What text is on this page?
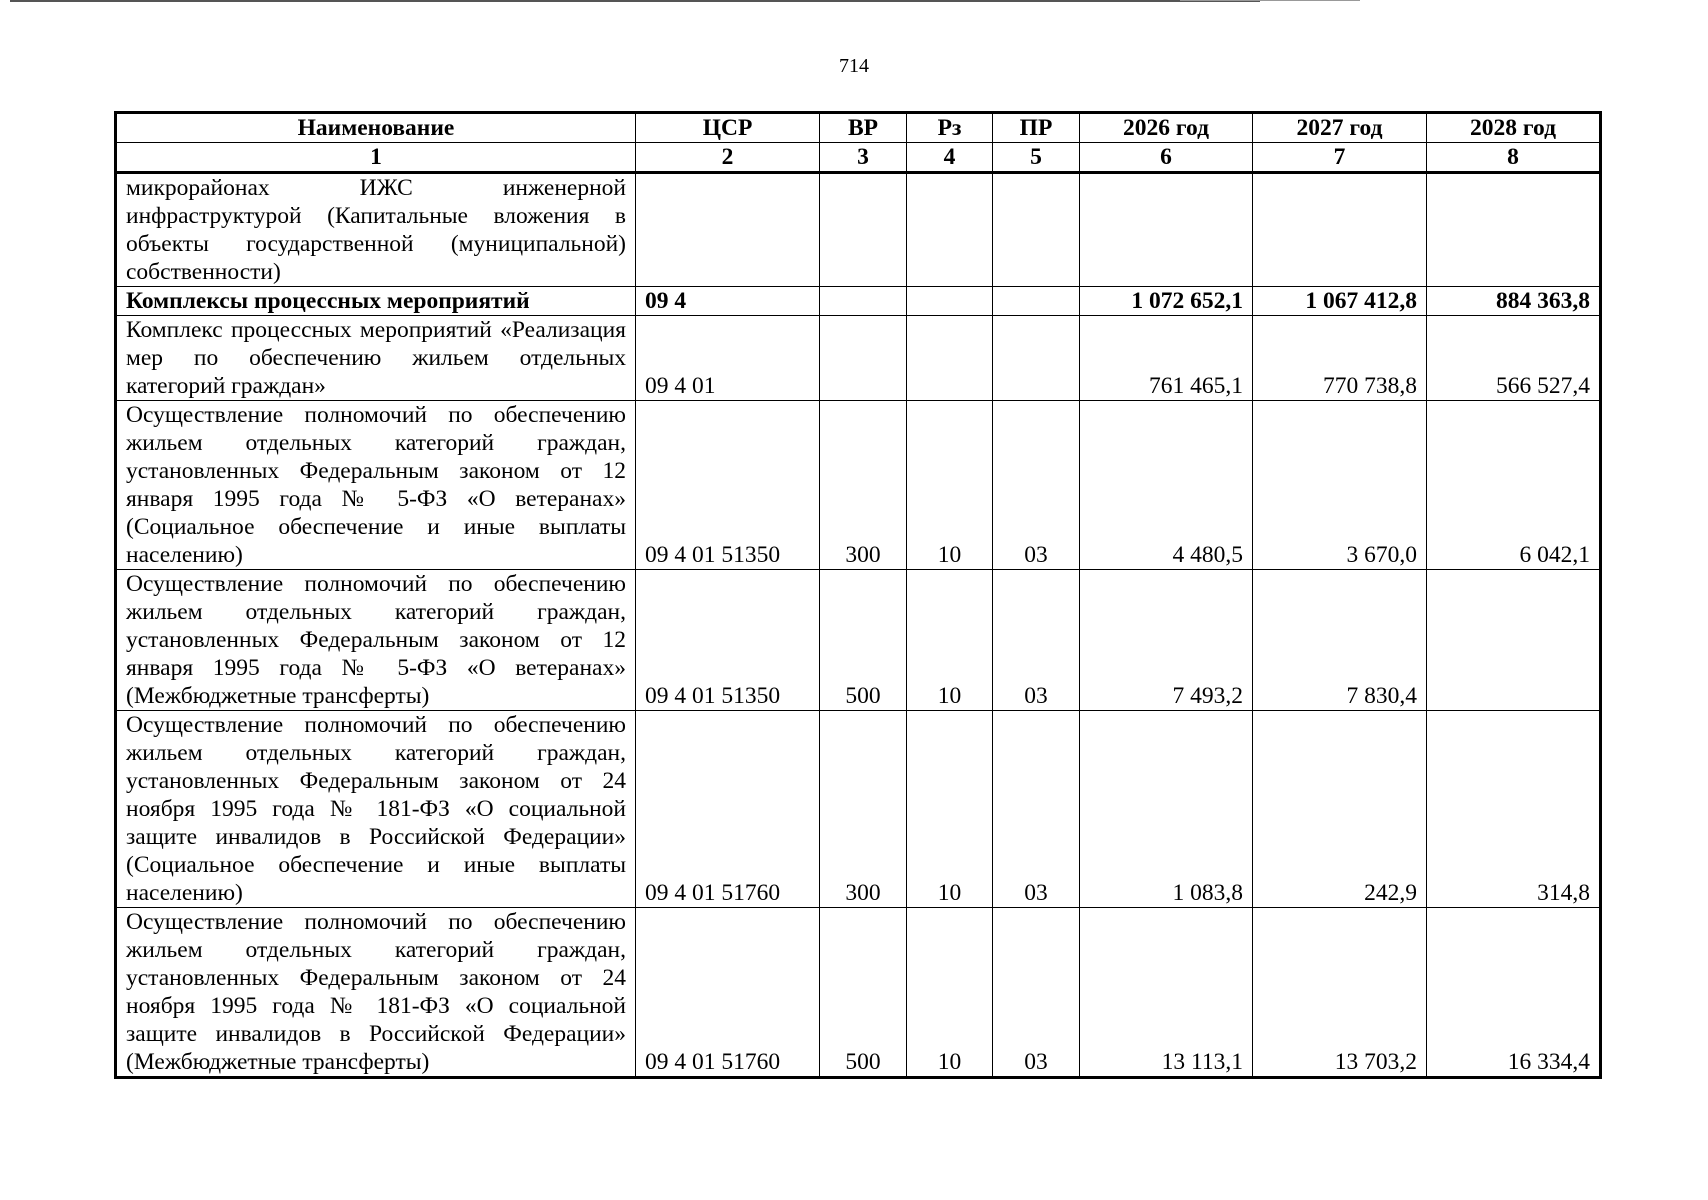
714
Наименование	ЦСР	ВР	Рз	ПР	2026 год	2027 год	2028 год
1	2	3	4	5	6	7	8
микрорайонах ИЖС инженерной инфраструктурой (Капитальные вложения в объекты государственной (муниципальной) собственности)							
Комплексы процессных мероприятий	09 4				1 072 652,1	1 067 412,8	884 363,8
Комплекс процессных мероприятий «Реализация мер по обеспечению жильем отдельных категорий граждан»	09 4 01				761 465,1	770 738,8	566 527,4
Осуществление полномочий по обеспечению жильем отдельных категорий граждан, установленных Федеральным законом от 12 января 1995 года № 5-ФЗ «О ветеранах» (Социальное обеспечение и иные выплаты населению)	09 4 01 51350	300	10	03	4 480,5	3 670,0	6 042,1
Осуществление полномочий по обеспечению жильем отдельных категорий граждан, установленных Федеральным законом от 12 января 1995 года № 5-ФЗ «О ветеранах» (Межбюджетные трансферты)	09 4 01 51350	500	10	03	7 493,2	7 830,4	
Осуществление полномочий по обеспечению жильем отдельных категорий граждан, установленных Федеральным законом от 24 ноября 1995 года № 181-ФЗ «О социальной защите инвалидов в Российской Федерации» (Социальное обеспечение и иные выплаты населению)	09 4 01 51760	300	10	03	1 083,8	242,9	314,8
Осуществление полномочий по обеспечению жильем отдельных категорий граждан, установленных Федеральным законом от 24 ноября 1995 года № 181-ФЗ «О социальной защите инвалидов в Российской Федерации» (Межбюджетные трансферты)	09 4 01 51760	500	10	03	13 113,1	13 703,2	16 334,4
